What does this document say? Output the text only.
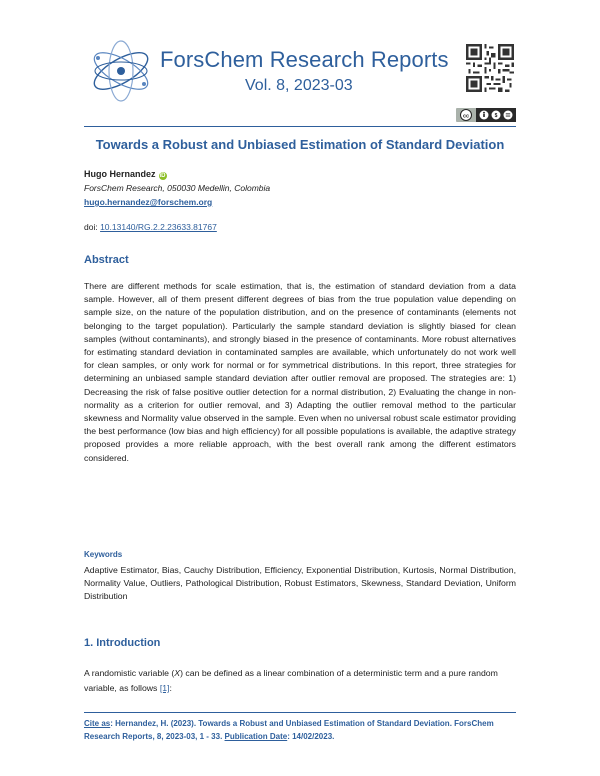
ForsChem Research Reports
Vol. 8, 2023-03
cc	$
Towards a Robust and Unbiased Estimation of Standard Deviation
Hugo Hernandez iD
ForsChem Research, 050030 Medellin, Colombia
hugo.hernandez@forschem.org
doi: 10.13140/RG.2.2.23633.81767
Abstract
There are different methods for scale estimation, that is, the estimation of standard deviation from a data sample. However, all of them present different degrees of bias from the true population value depending on sample size, on the nature of the population distribution, and on the presence of contaminants (elements not belonging to the target population). Particularly the sample standard deviation is slightly biased for clean samples (without contaminants), and strongly biased in the presence of contaminants. More robust alternatives for estimating standard deviation in contaminated samples are available, which unfortunately do not work well for clean samples, or only work for normal or for symmetrical distributions. In this report, three strategies for determining an unbiased sample standard deviation after outlier removal are proposed. The strategies are: 1) Decreasing the risk of false positive outlier detection for a normal distribution, 2) Evaluating the change in non-normality as a criterion for outlier removal, and 3) Adapting the outlier removal method to the particular skewness and Normality value observed in the sample. Even when no universal robust scale estimator providing the best performance (low bias and high efficiency) for all possible populations is available, the adaptive strategy proposed provides a more reliable approach, with the best overall rank among the different estimators considered.
Keywords
Adaptive Estimator, Bias, Cauchy Distribution, Efficiency, Exponential Distribution, Kurtosis, Normal Distribution, Normality Value, Outliers, Pathological Distribution, Robust Estimators, Skewness, Standard Deviation, Uniform Distribution
1. Introduction
A randomistic variable (X) can be defined as a linear combination of a deterministic term and a pure random variable, as follows [1]:
Cite as: Hernandez, H. (2023). Towards a Robust and Unbiased Estimation of Standard Deviation. ForsChem Research Reports, 8, 2023-03, 1 - 33. Publication Date: 14/02/2023.
